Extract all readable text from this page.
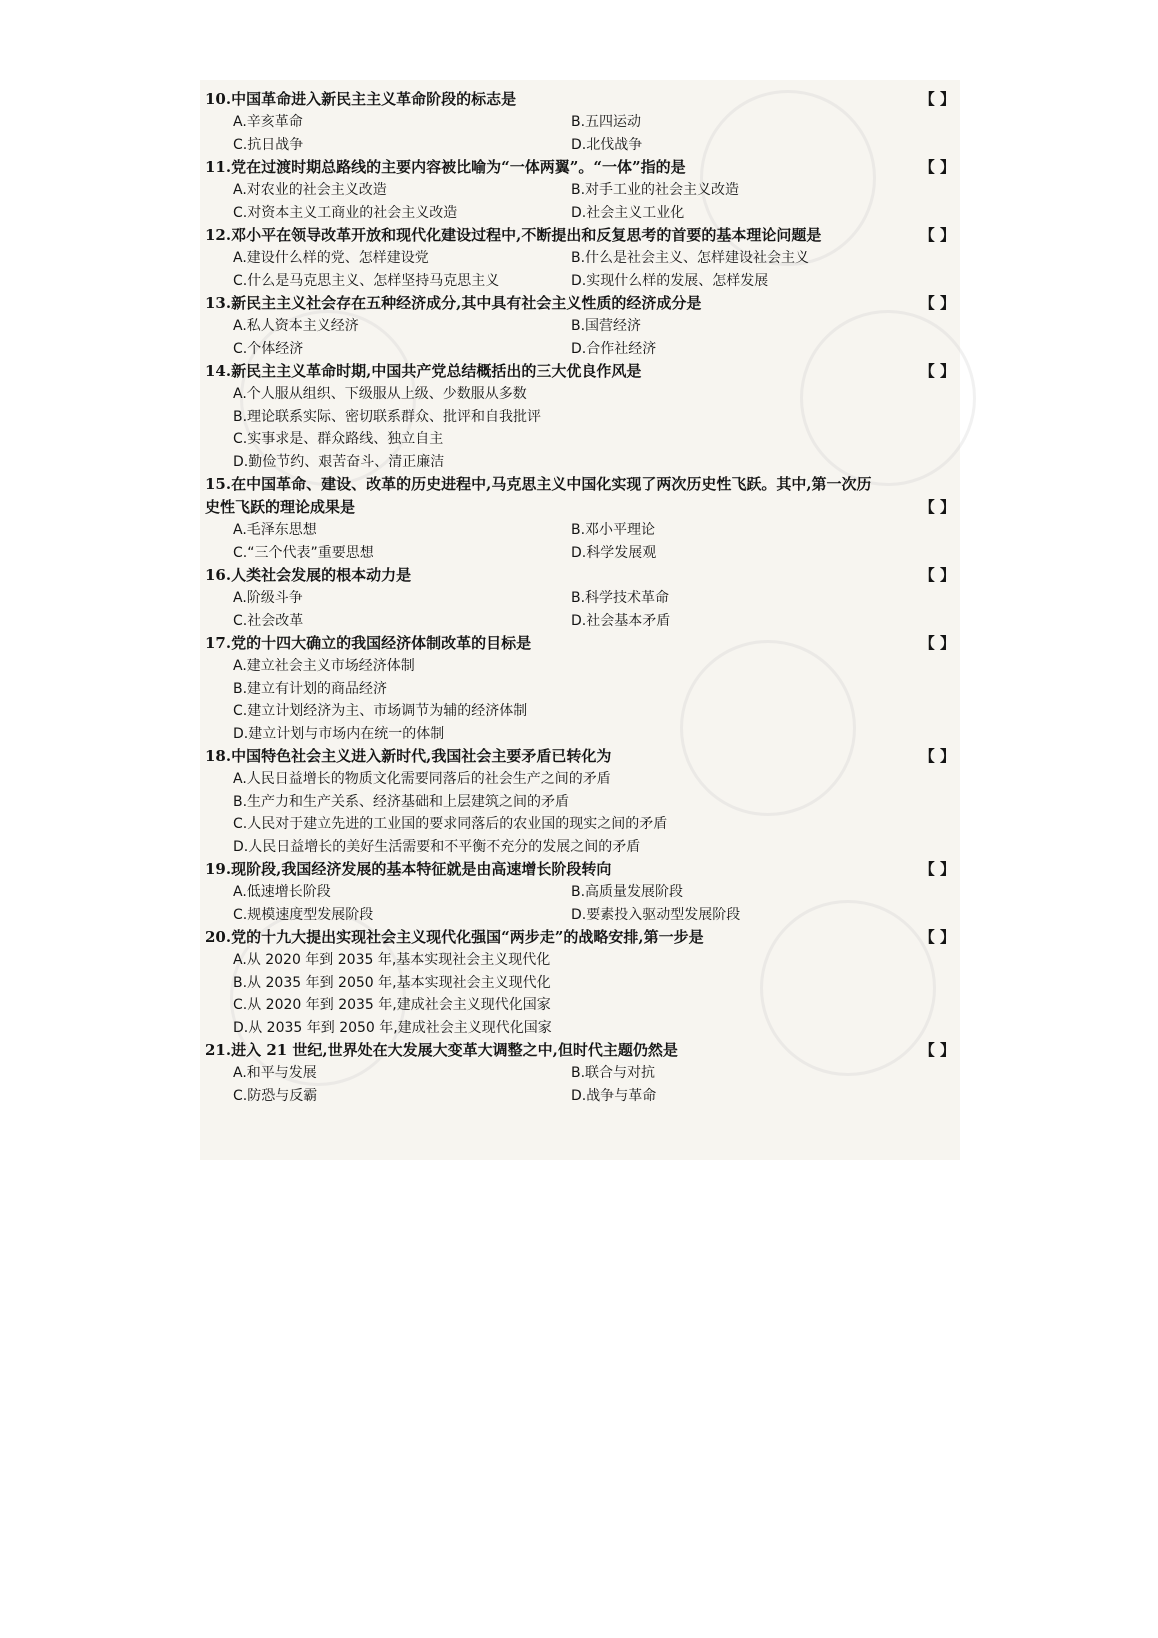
10.中国革命进入新民主主义革命阶段的标志是	【 】
A.辛亥革命	B.五四运动
C.抗日战争	D.北伐战争
11.党在过渡时期总路线的主要内容被比喻为“一体两翼”。“一体”指的是	【 】
A.对农业的社会主义改造	B.对手工业的社会主义改造
C.对资本主义工商业的社会主义改造	D.社会主义工业化
12.邓小平在领导改革开放和现代化建设过程中,不断提出和反复思考的首要的基本理论问题是	【 】
A.建设什么样的党、怎样建设党	B.什么是社会主义、怎样建设社会主义
C.什么是马克思主义、怎样坚持马克思主义	D.实现什么样的发展、怎样发展
13.新民主主义社会存在五种经济成分,其中具有社会主义性质的经济成分是	【 】
A.私人资本主义经济	B.国营经济
C.个体经济	D.合作社经济
14.新民主主义革命时期,中国共产党总结概括出的三大优良作风是	【 】
A.个人服从组织、下级服从上级、少数服从多数
B.理论联系实际、密切联系群众、批评和自我批评
C.实事求是、群众路线、独立自主
D.勤俭节约、艰苦奋斗、清正廉洁
15.在中国革命、建设、改革的历史进程中,马克思主义中国化实现了两次历史性飞跃。其中,第一次历史性飞跃的理论成果是	【 】
A.毛泽东思想	B.邓小平理论
C.“三个代表”重要思想	D.科学发展观
16.人类社会发展的根本动力是	【 】
A.阶级斗争	B.科学技术革命
C.社会改革	D.社会基本矛盾
17.党的十四大确立的我国经济体制改革的目标是	【 】
A.建立社会主义市场经济体制
B.建立有计划的商品经济
C.建立计划经济为主、市场调节为辅的经济体制
D.建立计划与市场内在统一的体制
18.中国特色社会主义进入新时代,我国社会主要矛盾已转化为	【 】
A.人民日益增长的物质文化需要同落后的社会生产之间的矛盾
B.生产力和生产关系、经济基础和上层建筑之间的矛盾
C.人民对于建立先进的工业国的要求同落后的农业国的现实之间的矛盾
D.人民日益增长的美好生活需要和不平衡不充分的发展之间的矛盾
19.现阶段,我国经济发展的基本特征就是由高速增长阶段转向	【 】
A.低速增长阶段	B.高质量发展阶段
C.规模速度型发展阶段	D.要素投入驱动型发展阶段
20.党的十九大提出实现社会主义现代化强国“两步走”的战略安排,第一步是	【 】
A.从 2020 年到 2035 年,基本实现社会主义现代化
B.从 2035 年到 2050 年,基本实现社会主义现代化
C.从 2020 年到 2035 年,建成社会主义现代化国家
D.从 2035 年到 2050 年,建成社会主义现代化国家
21.进入 21 世纪,世界处在大发展大变革大调整之中,但时代主题仍然是	【 】
A.和平与发展	B.联合与对抗
C.防恐与反霸	D.战争与革命
